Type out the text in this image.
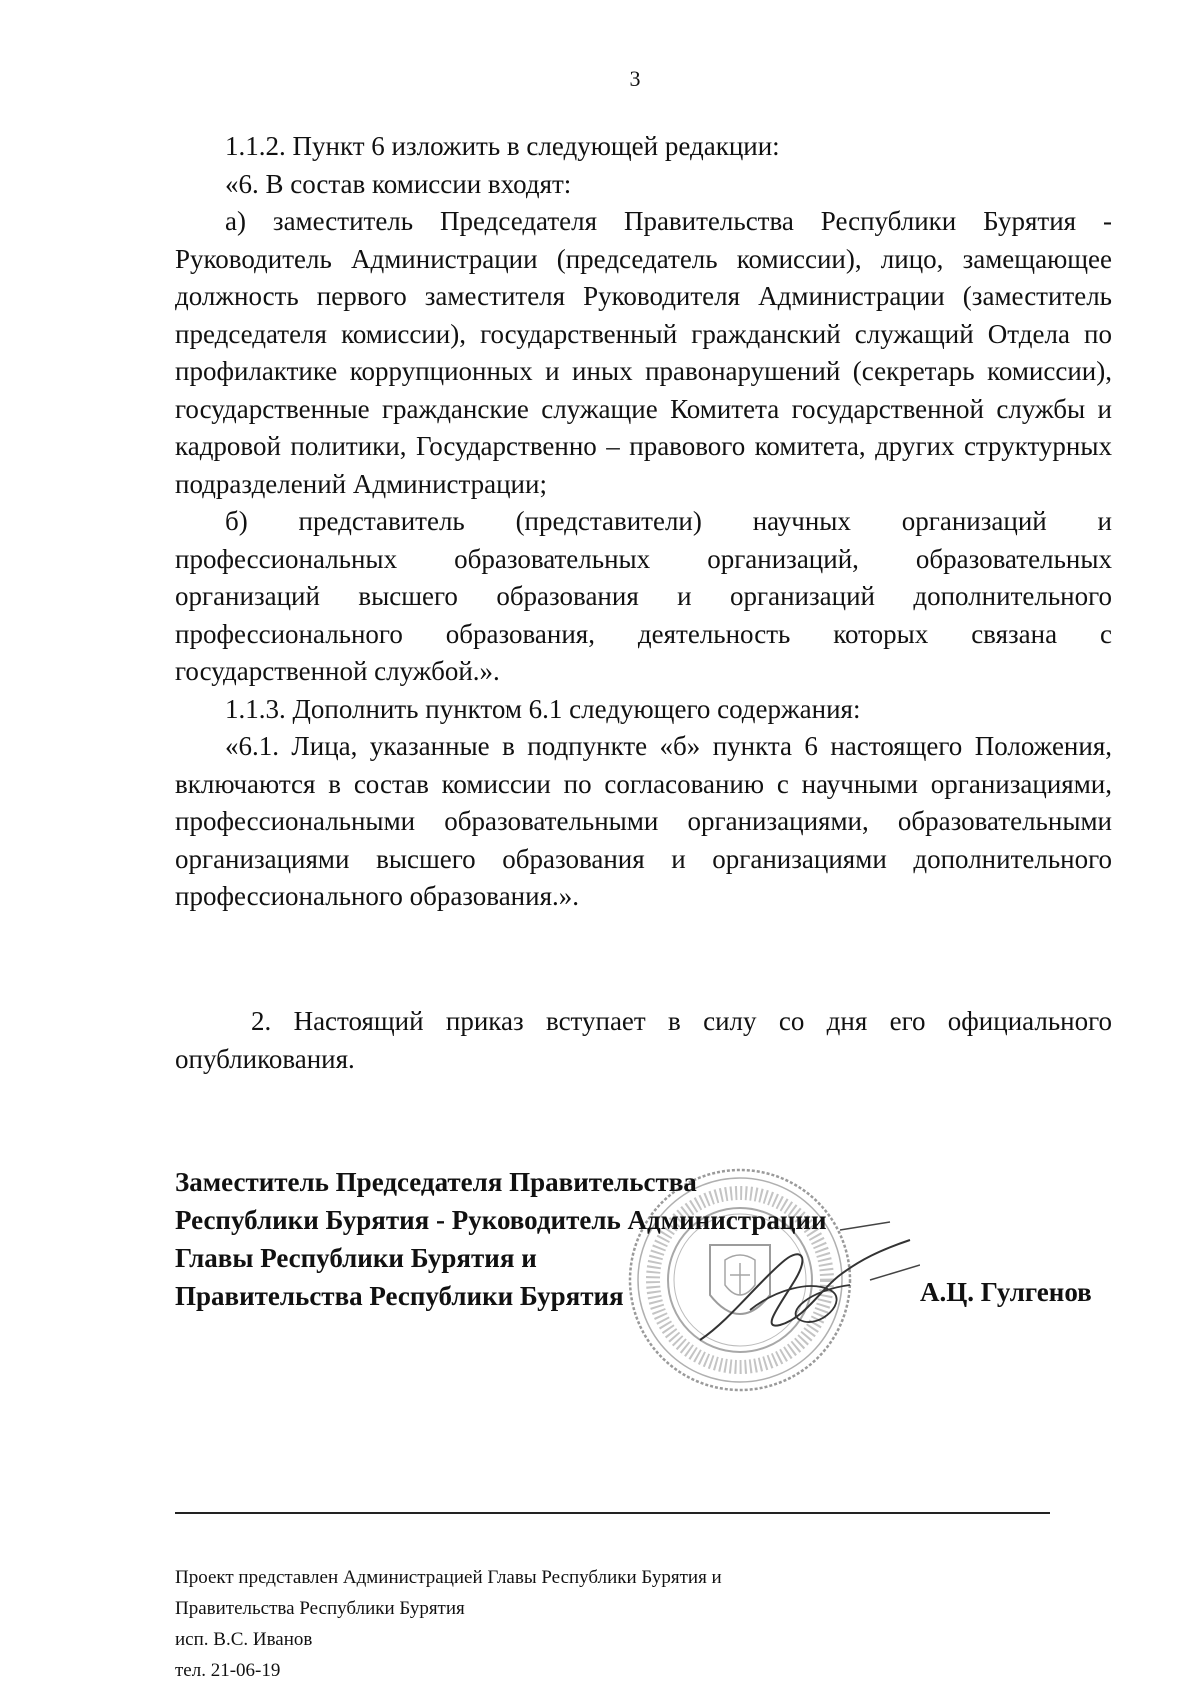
3

1.1.2. Пункт 6 изложить в следующей редакции:

«6. В состав комиссии входят:

а) заместитель Председателя Правительства Республики Бурятия - Руководитель Администрации (председатель комиссии), лицо, замещающее должность первого заместителя Руководителя Администрации (заместитель председателя комиссии), государственный гражданский служащий Отдела по профилактике коррупционных и иных правонарушений (секретарь комиссии), государственные гражданские служащие Комитета государственной службы и кадровой политики, Государственно – правового комитета, других структурных подразделений Администрации;

б) представитель (представители) научных организаций и профессиональных образовательных организаций, образовательных организаций высшего образования и организаций дополнительного профессионального образования, деятельность которых связана с государственной службой.».

1.1.3. Дополнить пунктом 6.1 следующего содержания:

«6.1. Лица, указанные в подпункте «б» пункта 6 настоящего Положения, включаются в состав комиссии по согласованию с научными организациями, профессиональными образовательными организациями, образовательными организациями высшего образования и организациями дополнительного профессионального образования.».

2. Настоящий приказ вступает в силу со дня его официального опубликования.

Заместитель Председателя Правительства
Республики Бурятия - Руководитель Администрации
Главы Республики Бурятия и
Правительства Республики Бурятия	А.Ц. Гулгенов
Проект представлен Администрацией Главы Республики Бурятия и
Правительства Республики Бурятия
исп. В.С. Иванов
тел. 21-06-19
